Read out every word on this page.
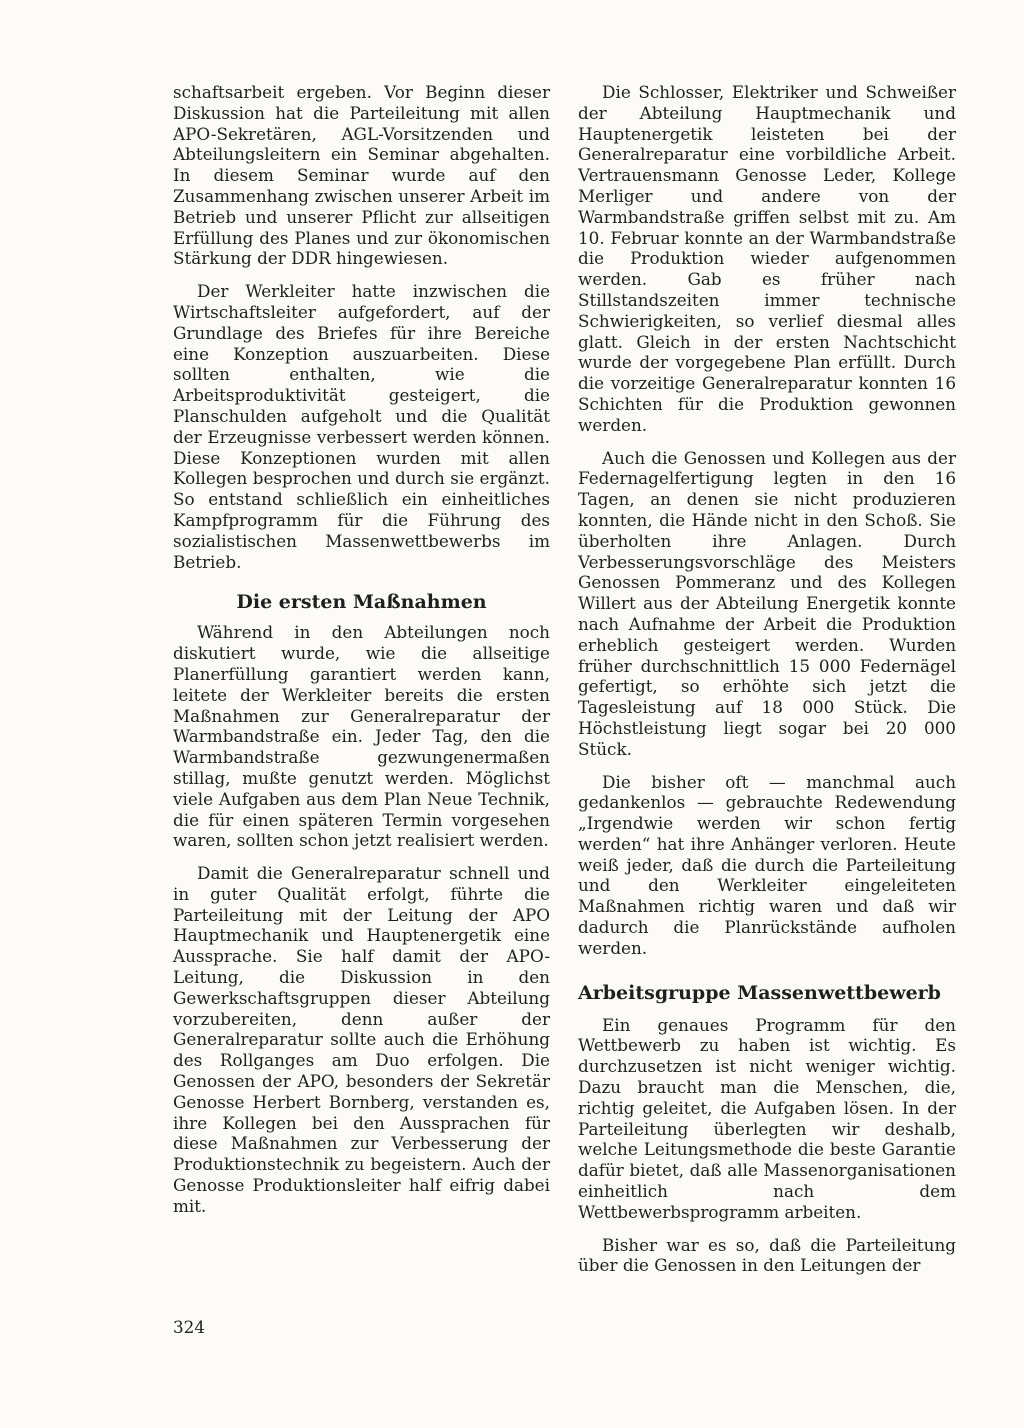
schaftsarbeit ergeben. Vor Beginn dieser Diskussion hat die Parteileitung mit allen APO-Sekretären, AGL-Vorsitzenden und Abteilungsleitern ein Seminar abgehalten. In diesem Seminar wurde auf den Zusammenhang zwischen unserer Arbeit im Betrieb und unserer Pflicht zur allseitigen Erfüllung des Planes und zur ökonomischen Stärkung der DDR hingewiesen.

Der Werkleiter hatte inzwischen die Wirtschaftsleiter aufgefordert, auf der Grundlage des Briefes für ihre Bereiche eine Konzeption auszuarbeiten. Diese sollten enthalten, wie die Arbeitsproduktivität gesteigert, die Planschulden aufgeholt und die Qualität der Erzeugnisse verbessert werden können. Diese Konzeptionen wurden mit allen Kollegen besprochen und durch sie ergänzt. So entstand schließlich ein einheitliches Kampfprogramm für die Führung des sozialistischen Massenwettbewerbs im Betrieb.

Die ersten Maßnahmen

Während in den Abteilungen noch diskutiert wurde, wie die allseitige Planerfüllung garantiert werden kann, leitete der Werkleiter bereits die ersten Maßnahmen zur Generalreparatur der Warmbandstraße ein. Jeder Tag, den die Warmbandstraße gezwungenermaßen stillag, mußte genutzt werden. Möglichst viele Aufgaben aus dem Plan Neue Technik, die für einen späteren Termin vorgesehen waren, sollten schon jetzt realisiert werden.

Damit die Generalreparatur schnell und in guter Qualität erfolgt, führte die Parteileitung mit der Leitung der APO Hauptmechanik und Hauptenergetik eine Aussprache. Sie half damit der APO-Leitung, die Diskussion in den Gewerkschaftsgruppen dieser Abteilung vorzubereiten, denn außer der Generalreparatur sollte auch die Erhöhung des Rollganges am Duo erfolgen. Die Genossen der APO, besonders der Sekretär Genosse Herbert Bornberg, verstanden es, ihre Kollegen bei den Aussprachen für diese Maßnahmen zur Verbesserung der Produktionstechnik zu begeistern. Auch der Genosse Produktionsleiter half eifrig dabei mit.

Die Schlosser, Elektriker und Schweißer der Abteilung Hauptmechanik und Hauptenergetik leisteten bei der Generalreparatur eine vorbildliche Arbeit. Vertrauensmann Genosse Leder, Kollege Merliger und andere von der Warmbandstraße griffen selbst mit zu. Am 10. Februar konnte an der Warmbandstraße die Produktion wieder aufgenommen werden. Gab es früher nach Stillstandszeiten immer technische Schwierigkeiten, so verlief diesmal alles glatt. Gleich in der ersten Nachtschicht wurde der vorgegebene Plan erfüllt. Durch die vorzeitige Generalreparatur konnten 16 Schichten für die Produktion gewonnen werden.

Auch die Genossen und Kollegen aus der Federnagelfertigung legten in den 16 Tagen, an denen sie nicht produzieren konnten, die Hände nicht in den Schoß. Sie überholten ihre Anlagen. Durch Verbesserungsvorschläge des Meisters Genossen Pommeranz und des Kollegen Willert aus der Abteilung Energetik konnte nach Aufnahme der Arbeit die Produktion erheblich gesteigert werden. Wurden früher durchschnittlich 15 000 Federnägel gefertigt, so erhöhte sich jetzt die Tagesleistung auf 18 000 Stück. Die Höchstleistung liegt sogar bei 20 000 Stück.

Die bisher oft — manchmal auch gedankenlos — gebrauchte Redewendung „Irgendwie werden wir schon fertig werden“ hat ihre Anhänger verloren. Heute weiß jeder, daß die durch die Parteileitung und den Werkleiter eingeleiteten Maßnahmen richtig waren und daß wir dadurch die Planrückstände aufholen werden.

Arbeitsgruppe Massenwettbewerb

Ein genaues Programm für den Wettbewerb zu haben ist wichtig. Es durchzusetzen ist nicht weniger wichtig. Dazu braucht man die Menschen, die, richtig geleitet, die Aufgaben lösen. In der Parteileitung überlegten wir deshalb, welche Leitungsmethode die beste Garantie dafür bietet, daß alle Massenorganisationen einheitlich nach dem Wettbewerbsprogramm arbeiten.

Bisher war es so, daß die Parteileitung über die Genossen in den Leitungen der

324
